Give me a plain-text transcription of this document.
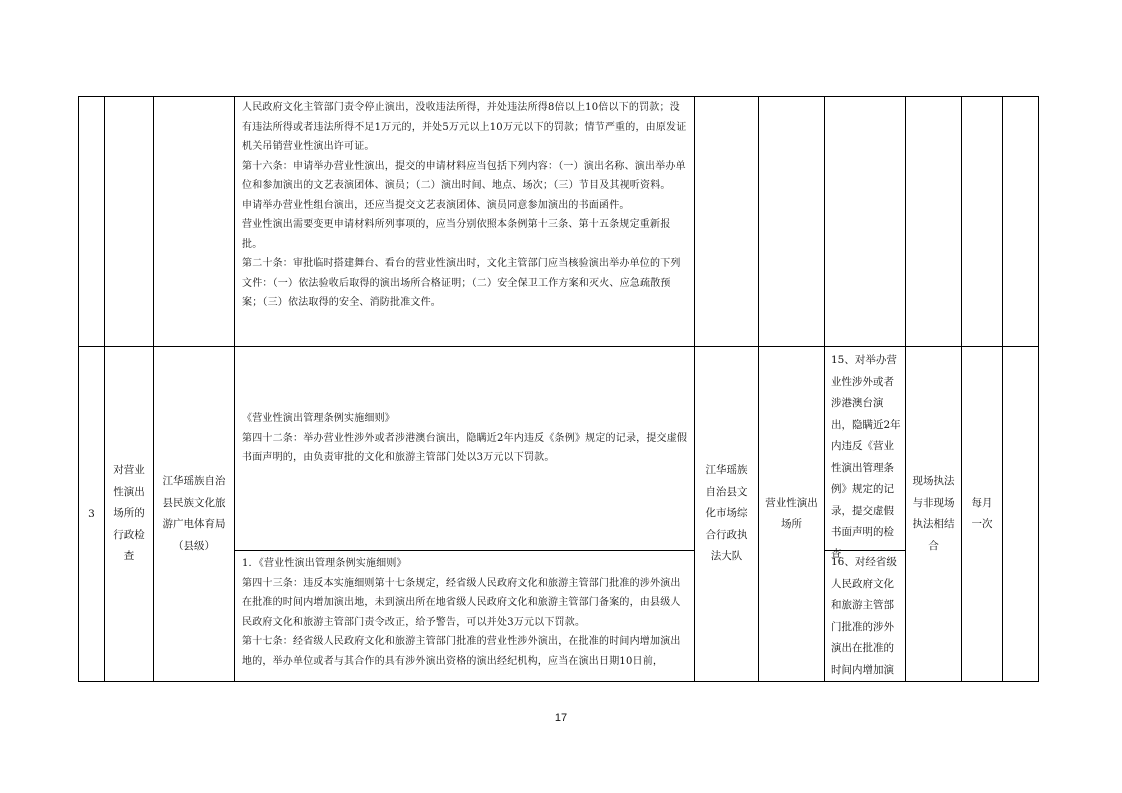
人民政府文化主管部门责令停止演出，没收违法所得，并处违法所得8倍以上10倍以下的罚款；没有违法所得或者违法所得不足1万元的，并处5万元以上10万元以下的罚款；情节严重的，由原发证机关吊销营业性演出许可证。

第十六条：申请举办营业性演出，提交的申请材料应当包括下列内容：（一）演出名称、演出举办单位和参加演出的文艺表演团体、演员；（二）演出时间、地点、场次；（三）节目及其视听资料。

申请举办营业性组台演出，还应当提交文艺表演团体、演员同意参加演出的书面函件。

营业性演出需要变更申请材料所列事项的，应当分别依照本条例第十三条、第十五条规定重新报批。

第二十条：审批临时搭建舞台、看台的营业性演出时，文化主管部门应当核验演出举办单位的下列文件：（一）依法验收后取得的演出场所合格证明；（二）安全保卫工作方案和灭火、应急疏散预案；（三）依法取得的安全、消防批准文件。

3
对营业性演出场所的行政检查
江华瑶族自治县民族文化旅游广电体育局（县级）

《营业性演出管理条例实施细则》

第四十二条：举办营业性涉外或者涉港澳台演出，隐瞒近2年内违反《条例》规定的记录，提交虚假书面声明的，由负责审批的文化和旅游主管部门处以3万元以下罚款。

1．《营业性演出管理条例实施细则》

第四十三条：违反本实施细则第十七条规定，经省级人民政府文化和旅游主管部门批准的涉外演出在批准的时间内增加演出地，未到演出所在地省级人民政府文化和旅游主管部门备案的，由县级人民政府文化和旅游主管部门责令改正，给予警告，可以并处3万元以下罚款。

第十七条：经省级人民政府文化和旅游主管部门批准的营业性涉外演出，在批准的时间内增加演出地的，举办单位或者与其合作的具有涉外演出资格的演出经纪机构，应当在演出日期10日前，

江华瑶族自治县文化市场综合行政执法大队
营业性演出场所
15、对举办营业性涉外或者涉港澳台演出，隐瞒近2年内违反《营业性演出管理条例》规定的记录，提交虚假书面声明的检查
16、对经省级人民政府文化和旅游主管部门批准的涉外演出在批准的时间内增加演
现场执法与非现场执法相结合
每月一次
17
